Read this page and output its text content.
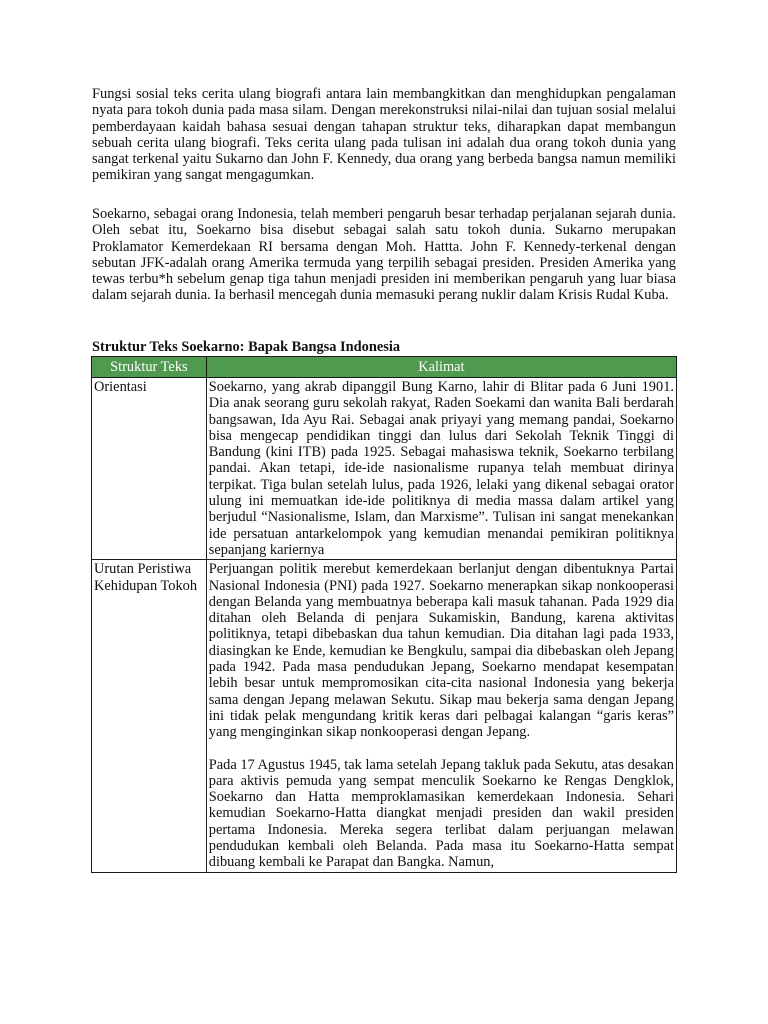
Fungsi sosial teks cerita ulang biografi antara lain membangkitkan dan menghidupkan pengalaman nyata para tokoh dunia pada masa silam. Dengan merekonstruksi nilai-nilai dan tujuan sosial melalui pemberdayaan kaidah bahasa sesuai dengan tahapan struktur teks, diharapkan dapat membangun sebuah cerita ulang biografi. Teks cerita ulang pada tulisan ini adalah dua orang tokoh dunia yang sangat terkenal yaitu Sukarno dan John F. Kennedy, dua orang yang berbeda bangsa namun memiliki pemikiran yang sangat mengagumkan.

Soekarno, sebagai orang Indonesia, telah memberi pengaruh besar terhadap perjalanan sejarah dunia. Oleh sebat itu, Soekarno bisa disebut sebagai salah satu tokoh dunia. Sukarno merupakan Proklamator Kemerdekaan RI bersama dengan Moh. Hattta. John F. Kennedy-terkenal dengan sebutan JFK-adalah orang Amerika termuda yang terpilih sebagai presiden. Presiden Amerika yang tewas terbu*h sebelum genap tiga tahun menjadi presiden ini memberikan pengaruh yang luar biasa dalam sejarah dunia. Ia berhasil mencegah dunia memasuki perang nuklir dalam Krisis Rudal Kuba.

Struktur Teks Soekarno: Bapak Bangsa Indonesia

Struktur Teks	Kalimat
Orientasi	Soekarno, yang akrab dipanggil Bung Karno, lahir di Blitar pada 6 Juni 1901. Dia anak seorang guru sekolah rakyat, Raden Soekami dan wanita Bali berdarah bangsawan, Ida Ayu Rai. Sebagai anak priyayi yang memang pandai, Soekarno bisa mengecap pendidikan tinggi dan lulus dari Sekolah Teknik Tinggi di Bandung (kini ITB) pada 1925. Sebagai mahasiswa teknik, Soekarno terbilang pandai. Akan tetapi, ide-ide nasionalisme rupanya telah membuat dirinya terpikat. Tiga bulan setelah lulus, pada 1926, lelaki yang dikenal sebagai orator ulung ini memuatkan ide-ide politiknya di media massa dalam artikel yang berjudul “Nasionalisme, Islam, dan Marxisme”. Tulisan ini sangat menekankan ide persatuan antarkelompok yang kemudian menandai pemikiran politiknya sepanjang kariernya

Urutan Peristiwa Kehidupan Tokoh	Perjuangan politik merebut kemerdekaan berlanjut dengan dibentuknya Partai Nasional Indonesia (PNI) pada 1927. Soekarno menerapkan sikap nonkooperasi dengan Belanda yang membuatnya beberapa kali masuk tahanan. Pada 1929 dia ditahan oleh Belanda di penjara Sukamiskin, Bandung, karena aktivitas politiknya, tetapi dibebaskan dua tahun kemudian. Dia ditahan lagi pada 1933, diasingkan ke Ende, kemudian ke Bengkulu, sampai dia dibebaskan oleh Jepang pada 1942. Pada masa pendudukan Jepang, Soekarno mendapat kesempatan lebih besar untuk mempromosikan cita-cita nasional Indonesia yang bekerja sama dengan Jepang melawan Sekutu. Sikap mau bekerja sama dengan Jepang ini tidak pelak mengundang kritik keras dari pelbagai kalangan “garis keras” yang menginginkan sikap nonkooperasi dengan Jepang.

Pada 17 Agustus 1945, tak lama setelah Jepang takluk pada Sekutu, atas desakan para aktivis pemuda yang sempat menculik Soekarno ke Rengas Dengklok, Soekarno dan Hatta memproklamasikan kemerdekaan Indonesia. Sehari kemudian Soekarno-Hatta diangkat menjadi presiden dan wakil presiden pertama Indonesia. Mereka segera terlibat dalam perjuangan melawan pendudukan kembali oleh Belanda. Pada masa itu Soekarno-Hatta sempat dibuang kembali ke Parapat dan Bangka. Namun,
